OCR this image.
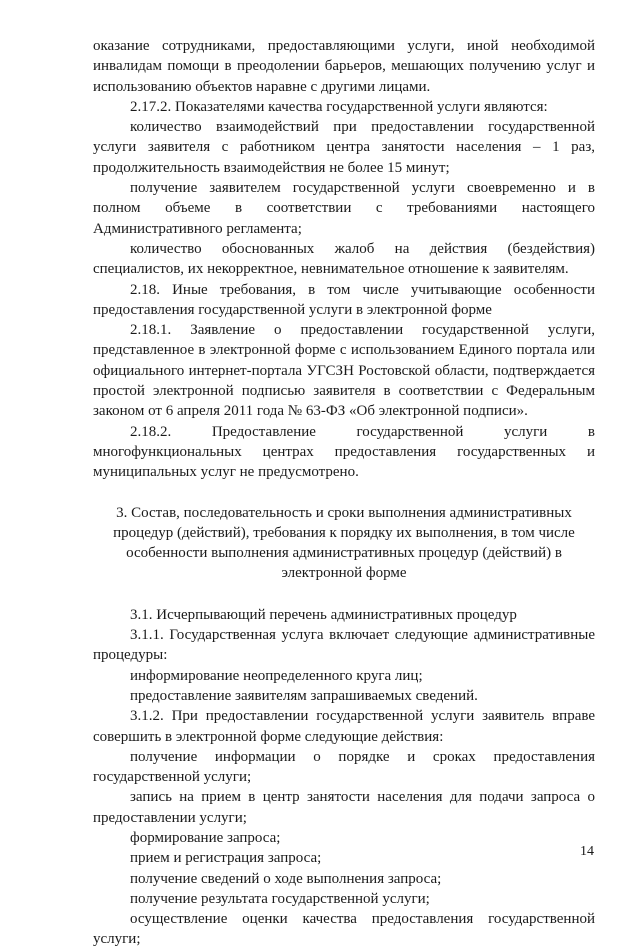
оказание сотрудниками, предоставляющими услуги, иной необходимой инвалидам помощи в преодолении барьеров, мешающих получению услуг и использованию объектов наравне с другими лицами.

2.17.2. Показателями качества государственной услуги являются:

количество взаимодействий при предоставлении государственной услуги заявителя с работником центра занятости населения – 1 раз, продолжительность взаимодействия не более 15 минут;

получение заявителем государственной услуги своевременно и в полном объеме в соответствии с требованиями настоящего Административного регламента;

количество обоснованных жалоб на действия (бездействия) специалистов, их некорректное, невнимательное отношение к заявителям.

2.18. Иные требования, в том числе учитывающие особенности предоставления государственной услуги в электронной форме

2.18.1. Заявление о предоставлении государственной услуги, представленное в электронной форме с использованием Единого портала или официального интернет-портала УГСЗН Ростовской области, подтверждается простой электронной подписью заявителя в соответствии с Федеральным законом от 6 апреля 2011 года № 63-ФЗ «Об электронной подписи».

2.18.2. Предоставление государственной услуги в многофункциональных центрах предоставления государственных и муниципальных услуг не предусмотрено.

3. Состав, последовательность и сроки выполнения административных процедур (действий), требования к порядку их выполнения, в том числе особенности выполнения административных процедур (действий) в электронной форме

3.1. Исчерпывающий перечень административных процедур

3.1.1. Государственная услуга включает следующие административные процедуры:

информирование неопределенного круга лиц;

предоставление заявителям запрашиваемых сведений.

3.1.2. При предоставлении государственной услуги заявитель вправе совершить в электронной форме следующие действия:

получение информации о порядке и сроках предоставления государственной услуги;

запись на прием в центр занятости населения для подачи запроса о предоставлении услуги;

формирование запроса;

прием и регистрация запроса;

получение сведений о ходе выполнения запроса;

получение результата государственной услуги;

осуществление оценки качества предоставления государственной услуги;

14
